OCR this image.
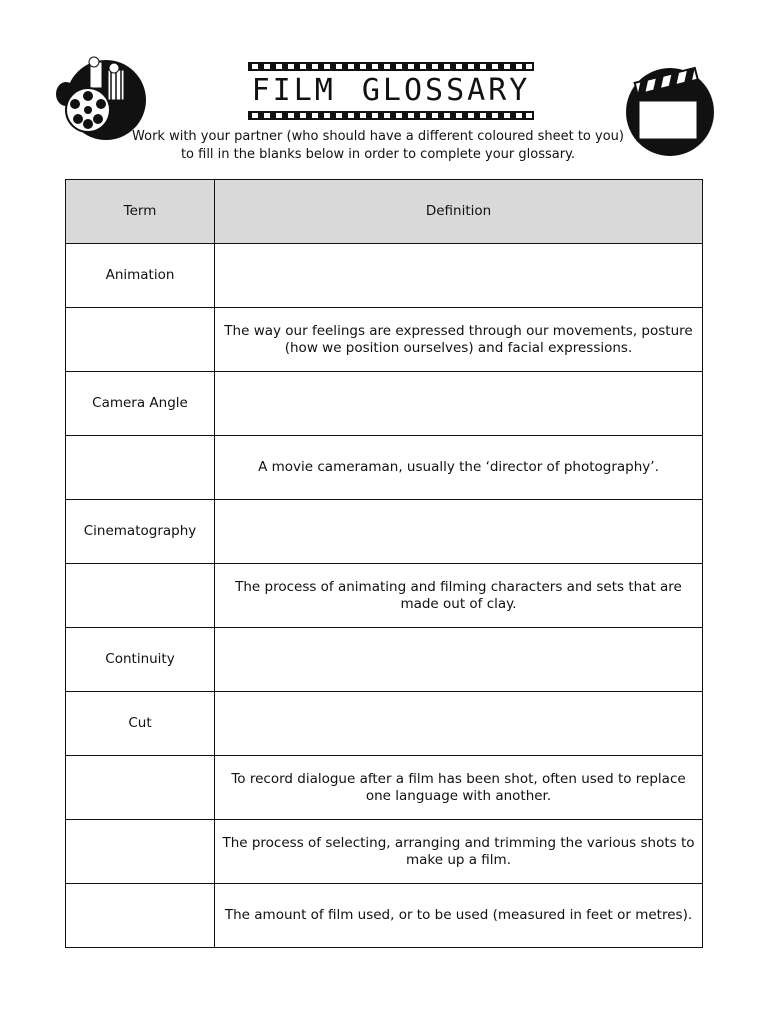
FILM GLOSSARY
Work with your partner (who should have a different coloured sheet to you) to fill in the blanks below in order to complete your glossary.
Term	Definition
Animation	
	The way our feelings are expressed through our movements, posture (how we position ourselves) and facial expressions.
Camera Angle	
	A movie cameraman, usually the ‘director of photography’.
Cinematography	
	The process of animating and filming characters and sets that are made out of clay.
Continuity	
Cut	
	To record dialogue after a film has been shot, often used to replace one language with another.
	The process of selecting, arranging and trimming the various shots to make up a film.
	The amount of film used, or to be used (measured in feet or metres).
